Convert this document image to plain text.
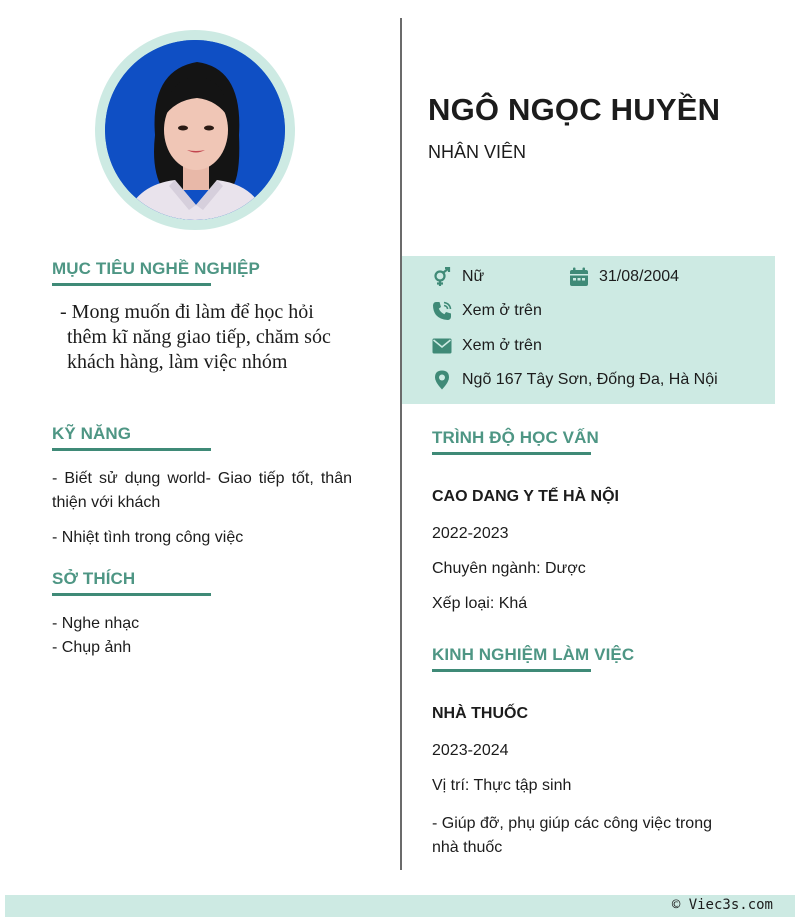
MỤC TIÊU NGHỀ NGHIỆP
- Mong muốn đi làm để học hỏi
thêm kĩ năng giao tiếp, chăm sóc
khách hàng, làm việc nhóm
KỸ NĂNG
- Biết sử dụng world- Giao tiếp tốt, thân thiện với khách
- Nhiệt tình trong công việc
SỞ THÍCH
- Nghe nhạc
- Chụp ảnh
NGÔ NGỌC HUYỀN
NHÂN VIÊN
Nữ	31/08/2004
Xem ở trên
Xem ở trên
Ngõ 167 Tây Sơn, Đống Đa, Hà Nội
TRÌNH ĐỘ HỌC VẤN
CAO DANG Y TẾ HÀ NỘI
2022-2023
Chuyên ngành: Dược
Xếp loại: Khá
KINH NGHIỆM LÀM VIỆC
NHÀ THUỐC
2023-2024
Vị trí: Thực tập sinh
- Giúp đỡ, phụ giúp các công việc trong nhà thuốc
© Viec3s.com
